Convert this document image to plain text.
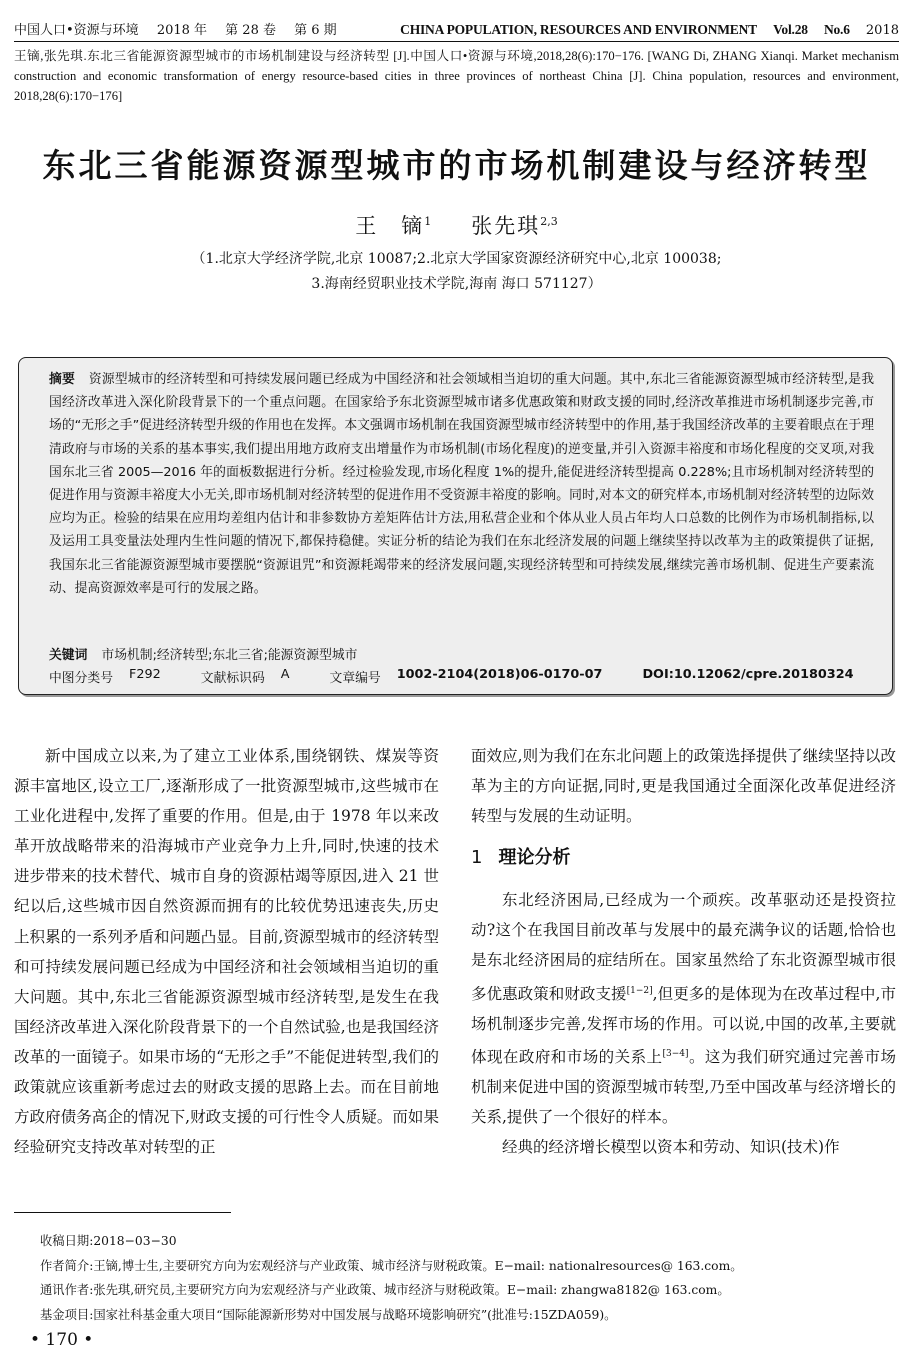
中国人口•资源与环境 2018 年 第 28 卷 第 6 期	CHINA POPULATION, RESOURCES AND ENVIRONMENT Vol.28 No.6 2018
王镝,张先琪.东北三省能源资源型城市的市场机制建设与经济转型 [J].中国人口•资源与环境,2018,28(6):170−176. [WANG Di, ZHANG Xianqi. Market mechanism construction and economic transformation of energy resource-based cities in three provinces of northeast China [J]. China population, resources and environment, 2018,28(6):170−176]
东北三省能源资源型城市的市场机制建设与经济转型
王　镝$^1$ 张先琪$^{2,3}$
（1.北京大学经济学院,北京 10087;2.北京大学国家资源经济研究中心,北京 100038;
3.海南经贸职业技术学院,海南 海口 571127）
摘要 资源型城市的经济转型和可持续发展问题已经成为中国经济和社会领域相当迫切的重大问题。其中,东北三省能源资源型城市经济转型,是我国经济改革进入深化阶段背景下的一个重点问题。在国家给予东北资源型城市诸多优惠政策和财政支援的同时,经济改革推进市场机制逐步完善,市场的“无形之手”促进经济转型升级的作用也在发挥。本文强调市场机制在我国资源型城市经济转型中的作用,基于我国经济改革的主要着眼点在于理清政府与市场的关系的基本事实,我们提出用地方政府支出增量作为市场机制(市场化程度)的逆变量,并引入资源丰裕度和市场化程度的交叉项,对我国东北三省 2005—2016 年的面板数据进行分析。经过检验发现,市场化程度 1%的提升,能促进经济转型提高 0.228%;且市场机制对经济转型的促进作用与资源丰裕度大小无关,即市场机制对经济转型的促进作用不受资源丰裕度的影响。同时,对本文的研究样本,市场机制对经济转型的边际效应均为正。检验的结果在应用均差组内估计和非参数协方差矩阵估计方法,用私营企业和个体从业人员占年均人口总数的比例作为市场机制指标,以及运用工具变量法处理内生性问题的情况下,都保持稳健。实证分析的结论为我们在东北经济发展的问题上继续坚持以改革为主的政策提供了证据,我国东北三省能源资源型城市要摆脱“资源诅咒”和资源耗竭带来的经济发展问题,实现经济转型和可持续发展,继续完善市场机制、促进生产要素流动、提高资源效率是可行的发展之路。
关键词 市场机制;经济转型;东北三省;能源资源型城市
中图分类号 F292	文献标识码 A	文章编号 1002-2104(2018)06-0170-07	DOI:10.12062/cpre.20180324

新中国成立以来,为了建立工业体系,围绕钢铁、煤炭等资源丰富地区,设立工厂,逐渐形成了一批资源型城市,这些城市在工业化进程中,发挥了重要的作用。但是,由于 1978 年以来改革开放战略带来的沿海城市产业竞争力上升,同时,快速的技术进步带来的技术替代、城市自身的资源枯竭等原因,进入 21 世纪以后,这些城市因自然资源而拥有的比较优势迅速丧失,历史上积累的一系列矛盾和问题凸显。目前,资源型城市的经济转型和可持续发展问题已经成为中国经济和社会领域相当迫切的重大问题。其中,东北三省能源资源型城市经济转型,是发生在我国经济改革进入深化阶段背景下的一个自然试验,也是我国经济改革的一面镜子。如果市场的“无形之手”不能促进转型,我们的政策就应该重新考虑过去的财政支援的思路上去。而在目前地方政府债务高企的情况下,财政支援的可行性令人质疑。而如果经验研究支持改革对转型的正

面效应,则为我们在东北问题上的政策选择提供了继续坚持以改革为主的方向证据,同时,更是我国通过全面深化改革促进经济转型与发展的生动证明。

1 理论分析

东北经济困局,已经成为一个顽疾。改革驱动还是投资拉动?这个在我国目前改革与发展中的最充满争议的话题,恰恰也是东北经济困局的症结所在。国家虽然给了东北资源型城市很多优惠政策和财政支援[1−2],但更多的是体现为在改革过程中,市场机制逐步完善,发挥市场的作用。可以说,中国的改革,主要就体现在政府和市场的关系上[3−4]。这为我们研究通过完善市场机制来促进中国的资源型城市转型,乃至中国改革与经济增长的关系,提供了一个很好的样本。

经典的经济增长模型以资本和劳动、知识(技术)作

收稿日期:2018−03−30
作者简介:王镝,博士生,主要研究方向为宏观经济与产业政策、城市经济与财税政策。E−mail: nationalresources@ 163.com。
通讯作者:张先琪,研究员,主要研究方向为宏观经济与产业政策、城市经济与财税政策。E−mail: zhangwa8182@ 163.com。
基金项目:国家社科基金重大项目“国际能源新形势对中国发展与战略环境影响研究”(批准号:15ZDA059)。
• 170 •
